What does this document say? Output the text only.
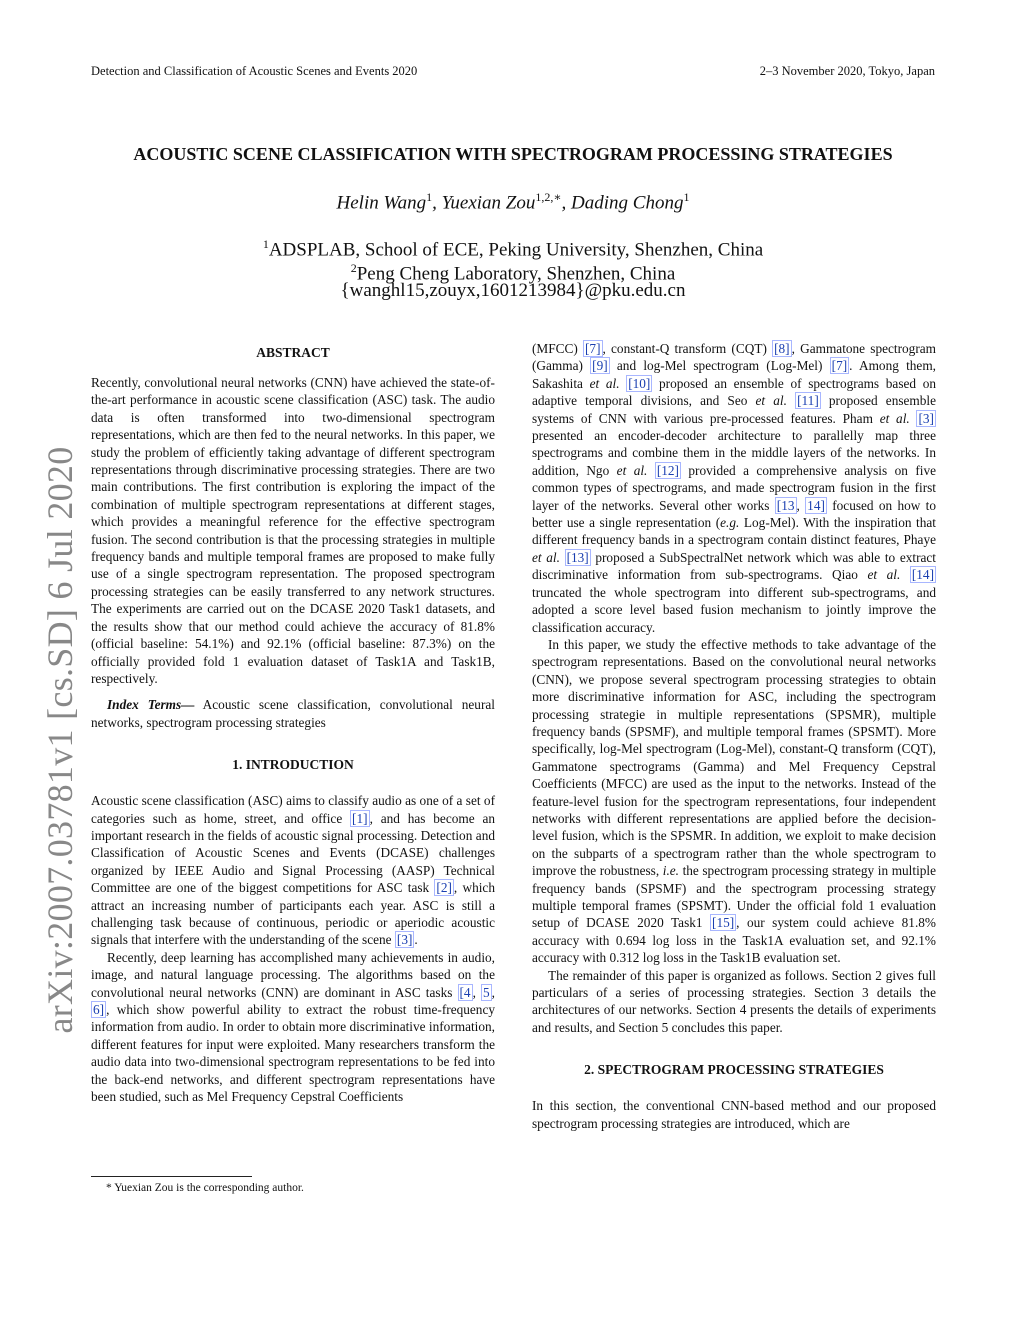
Detection and Classification of Acoustic Scenes and Events 2020	2–3 November 2020, Tokyo, Japan
arXiv:2007.03781v1 [cs.SD] 6 Jul 2020
ACOUSTIC SCENE CLASSIFICATION WITH SPECTROGRAM PROCESSING STRATEGIES
Helin Wang$^1$, Yuexian Zou$^{1,2,∗}$, Dading Chong$^1$
$^1$ADSPLAB, School of ECE, Peking University, Shenzhen, China
$^2$Peng Cheng Laboratory, Shenzhen, China
{wanghl15,zouyx,1601213984}@pku.edu.cn
ABSTRACT

Recently, convolutional neural networks (CNN) have achieved the state-of-the-art performance in acoustic scene classification (ASC) task. The audio data is often transformed into two-dimensional spectrogram representations, which are then fed to the neural networks. In this paper, we study the problem of efficiently taking advantage of different spectrogram representations through discriminative processing strategies. There are two main contributions. The first contribution is exploring the impact of the combination of multiple spectrogram representations at different stages, which provides a meaningful reference for the effective spectrogram fusion. The second contribution is that the processing strategies in multiple frequency bands and multiple temporal frames are proposed to make fully use of a single spectrogram representation. The proposed spectrogram processing strategies can be easily transferred to any network structures. The experiments are carried out on the DCASE 2020 Task1 datasets, and the results show that our method could achieve the accuracy of 81.8% (official baseline: 54.1%) and 92.1% (official baseline: 87.3%) on the officially provided fold 1 evaluation dataset of Task1A and Task1B, respectively.

Index Terms— Acoustic scene classification, convolutional neural networks, spectrogram processing strategies

1. INTRODUCTION

Acoustic scene classification (ASC) aims to classify audio as one of a set of categories such as home, street, and office [1] , and has become an important research in the fields of acoustic signal processing. Detection and Classification of Acoustic Scenes and Events (DCASE) challenges organized by IEEE Audio and Signal Processing (AASP) Technical Committee are one of the biggest competitions for ASC task [2] , which attract an increasing number of participants each year. ASC is still a challenging task because of continuous, periodic or aperiodic acoustic signals that interfere with the understanding of the scene [3] .

Recently, deep learning has accomplished many achievements in audio, image, and natural language processing. The algorithms based on the convolutional neural networks (CNN) are dominant in ASC tasks [4 , 5 , 6] , which show powerful ability to extract the robust time-frequency information from audio. In order to obtain more discriminative information, different features for input were exploited. Many researchers transform the audio data into two-dimensional spectrogram representations to be fed into the back-end networks, and different spectrogram representations have been studied, such as Mel Frequency Cepstral Coefficients

(MFCC) [7] , constant-Q transform (CQT) [8] , Gammatone spectrogram (Gamma) [9] and log-Mel spectrogram (Log-Mel) [7] . Among them, Sakashita et al. [10] proposed an ensemble of spectrograms based on adaptive temporal divisions, and Seo et al. [11] proposed ensemble systems of CNN with various pre-processed features. Pham et al. [3] presented an encoder-decoder architecture to parallelly map three spectrograms and combine them in the middle layers of the networks. In addition, Ngo et al. [12] provided a comprehensive analysis on five common types of spectrograms, and made spectrogram fusion in the first layer of the networks. Several other works [13 , 14] focused on how to better use a single representation (e.g. Log-Mel). With the inspiration that different frequency bands in a spectrogram contain distinct features, Phaye et al. [13] proposed a SubSpectralNet network which was able to extract discriminative information from sub-spectrograms. Qiao et al. [14] truncated the whole spectrogram into different sub-spectrograms, and adopted a score level based fusion mechanism to jointly improve the classification accuracy.

In this paper, we study the effective methods to take advantage of the spectrogram representations. Based on the convolutional neural networks (CNN), we propose several spectrogram processing strategies to obtain more discriminative information for ASC, including the spectrogram processing strategie in multiple representations (SPSMR), multiple frequency bands (SPSMF), and multiple temporal frames (SPSMT). More specifically, log-Mel spectrogram (Log-Mel), constant-Q transform (CQT), Gammatone spectrograms (Gamma) and Mel Frequency Cepstral Coefficients (MFCC) are used as the input to the networks. Instead of the feature-level fusion for the spectrogram representations, four independent networks with different representations are applied before the decision-level fusion, which is the SPSMR. In addition, we exploit to make decision on the subparts of a spectrogram rather than the whole spectrogram to improve the robustness, i.e. the spectrogram processing strategy in multiple frequency bands (SPSMF) and the spectrogram processing strategy multiple temporal frames (SPSMT). Under the official fold 1 evaluation setup of DCASE 2020 Task1 [15] , our system could achieve 81.8% accuracy with 0.694 log loss in the Task1A evaluation set, and 92.1% accuracy with 0.312 log loss in the Task1B evaluation set.

The remainder of this paper is organized as follows. Section 2 gives full particulars of a series of processing strategies. Section 3 details the architectures of our networks. Section 4 presents the details of experiments and results, and Section 5 concludes this paper.

2. SPECTROGRAM PROCESSING STRATEGIES

In this section, the conventional CNN-based method and our proposed spectrogram processing strategies are introduced, which are

* Yuexian Zou is the corresponding author.
